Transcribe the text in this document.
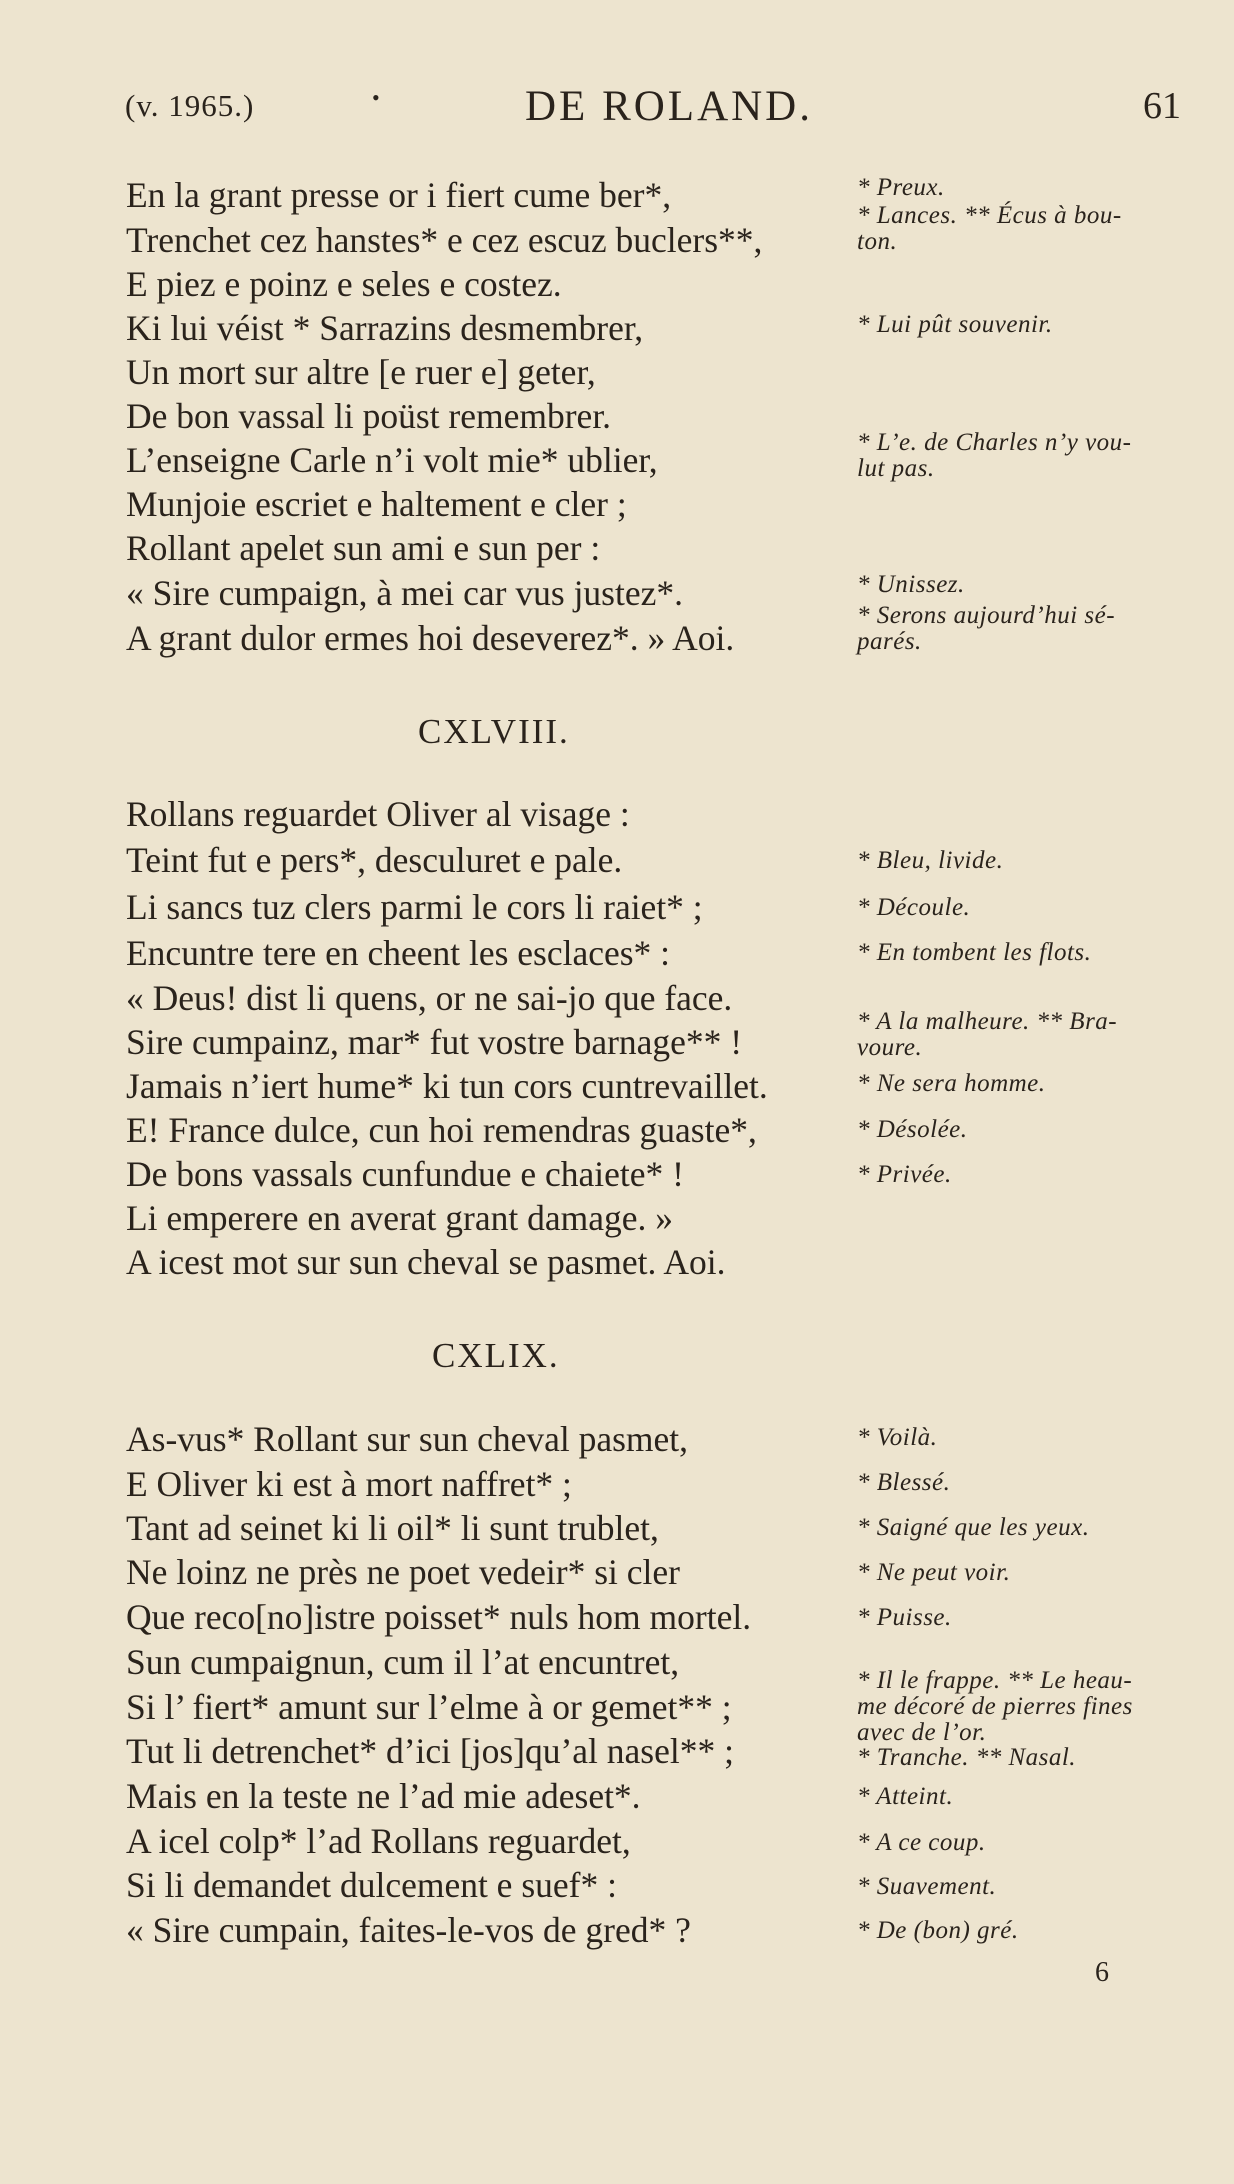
(v. 1965.)	•	DE ROLAND.	61
En la grant presse or i fiert cume ber*,
Trenchet cez hanstes* e cez escuz buclers**,
E piez e poinz e seles e costez.
Ki lui véist * Sarrazins desmembrer,
Un mort sur altre [e ruer e] geter,
De bon vassal li poüst remembrer.
L’enseigne Carle n’i volt mie* ublier,
Munjoie escriet e haltement e cler ;
Rollant apelet sun ami e sun per :
« Sire cumpaign, à mei car vus justez*.
A grant dulor ermes hoi deseverez*. » Aoi.
CXLVIII.
Rollans reguardet Oliver al visage :
Teint fut e pers*, desculuret e pale.
Li sancs tuz clers parmi le cors li raiet* ;
Encuntre tere en cheent les esclaces* :
« Deus! dist li quens, or ne sai-jo que face.
Sire cumpainz, mar* fut vostre barnage** !
Jamais n’iert hume* ki tun cors cuntrevaillet.
E! France dulce, cun hoi remendras guaste*,
De bons vassals cunfundue e chaiete* !
Li emperere en averat grant damage. »
A icest mot sur sun cheval se pasmet. Aoi.
CXLIX.
As-vus* Rollant sur sun cheval pasmet,
E Oliver ki est à mort naffret* ;
Tant ad seinet ki li oil* li sunt trublet,
Ne loinz ne près ne poet vedeir* si cler
Que reco[no]istre poisset* nuls hom mortel.
Sun cumpaignun, cum il l’at encuntret,
Si l’ fiert* amunt sur l’elme à or gemet** ;
Tut li detrenchet* d’ici [jos]qu’al nasel** ;
Mais en la teste ne l’ad mie adeset*.
A icel colp* l’ad Rollans reguardet,
Si li demandet dulcement e suef* :
« Sire cumpain, faites-le-vos de gred* ?
* Preux.
* Lances. ** Écus à bou-
ton.
* Lui pût souvenir.
* L’e. de Charles n’y vou-
lut pas.
* Unissez.
* Serons aujourd’hui sé-
parés.
* Bleu, livide.
* Découle.
* En tombent les flots.
* A la malheure. ** Bra-
voure.
* Ne sera homme.
* Désolée.
* Privée.
* Voilà.
* Blessé.
* Saigné que les yeux.
* Ne peut voir.
* Puisse.
* Il le frappe. ** Le heau-
me décoré de pierres fines
avec de l’or.
* Tranche. ** Nasal.
* Atteint.
* A ce coup.
* Suavement.
* De (bon) gré.
6
